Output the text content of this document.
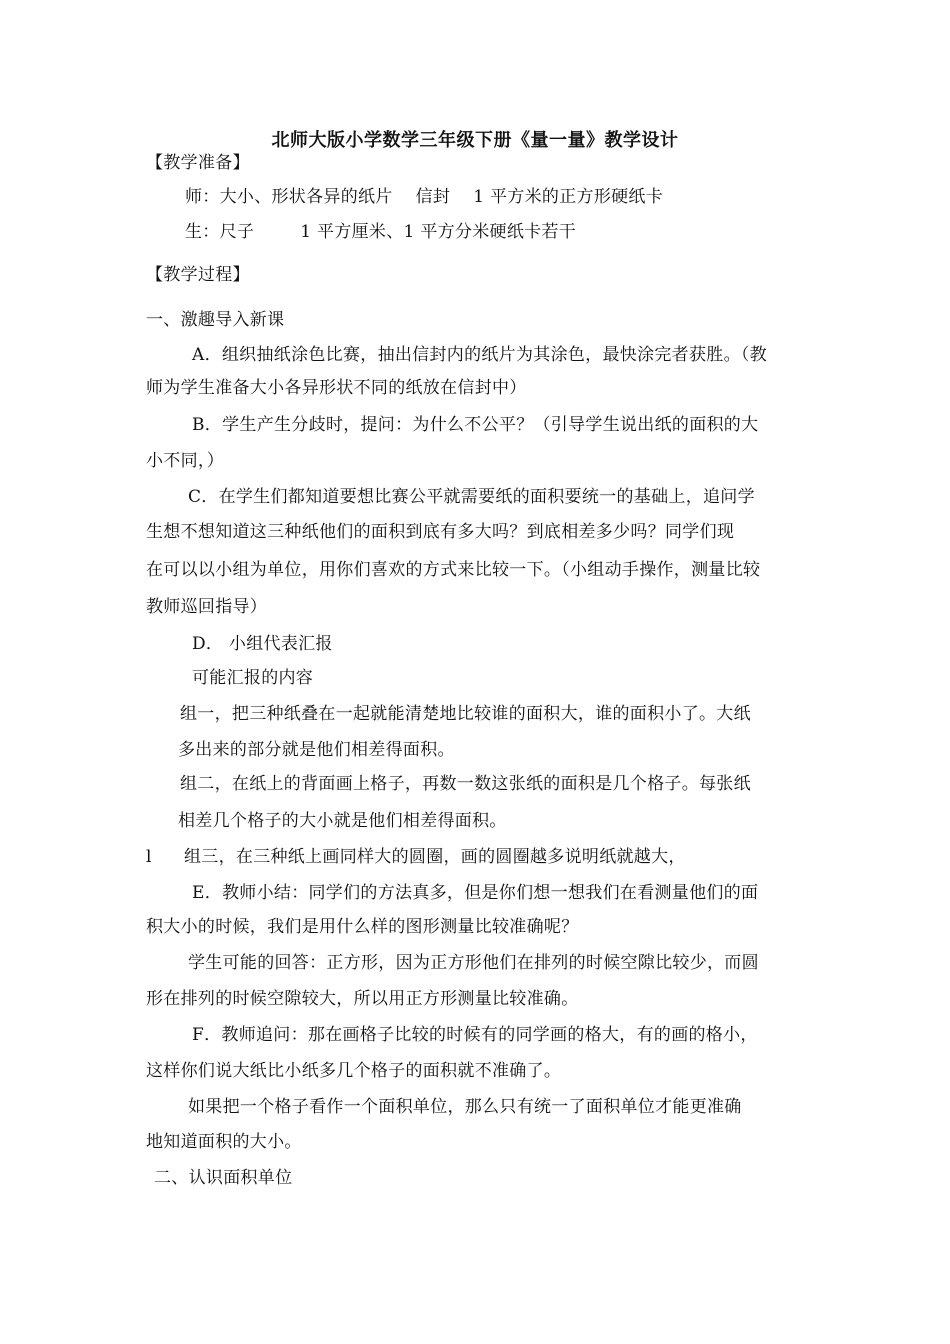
北师大版小学数学三年级下册《量一量》教学设计
【教学准备】
师：大小、形状各异的纸片　 信封 　1 平方米的正方形硬纸卡
生：尺子 　　 1 平方厘米、1 平方分米硬纸卡若干
【教学过程】
一、激趣导入新课
A．组织抽纸涂色比赛，抽出信封内的纸片为其涂色，最快涂完者获胜。（教
师为学生准备大小各异形状不同的纸放在信封中）
B．学生产生分歧时，提问：为什么不公平？（引导学生说出纸的面积的大
小不同，）
C．在学生们都知道要想比赛公平就需要纸的面积要统一的基础上，追问学
生想不想知道这三种纸他们的面积到底有多大吗？到底相差多少吗？同学们现
在可以以小组为单位，用你们喜欢的方式来比较一下。（小组动手操作，测量比较
教师巡回指导）
D． 小组代表汇报
可能汇报的内容
组一，把三种纸叠在一起就能清楚地比较谁的面积大，谁的面积小了。大纸
多出来的部分就是他们相差得面积。
组二，在纸上的背面画上格子，再数一数这张纸的面积是几个格子。每张纸
相差几个格子的大小就是他们相差得面积。
l 组三，在三种纸上画同样大的圆圈，画的圆圈越多说明纸就越大，
E．教师小结：同学们的方法真多，但是你们想一想我们在看测量他们的面
积大小的时候，我们是用什么样的图形测量比较准确呢？
学生可能的回答：正方形，因为正方形他们在排列的时候空隙比较少，而圆
形在排列的时候空隙较大，所以用正方形测量比较准确。
F．教师追问：那在画格子比较的时候有的同学画的格大，有的画的格小，
这样你们说大纸比小纸多几个格子的面积就不准确了。
如果把一个格子看作一个面积单位，那么只有统一了面积单位才能更准确
地知道面积的大小。
二、认识面积单位
